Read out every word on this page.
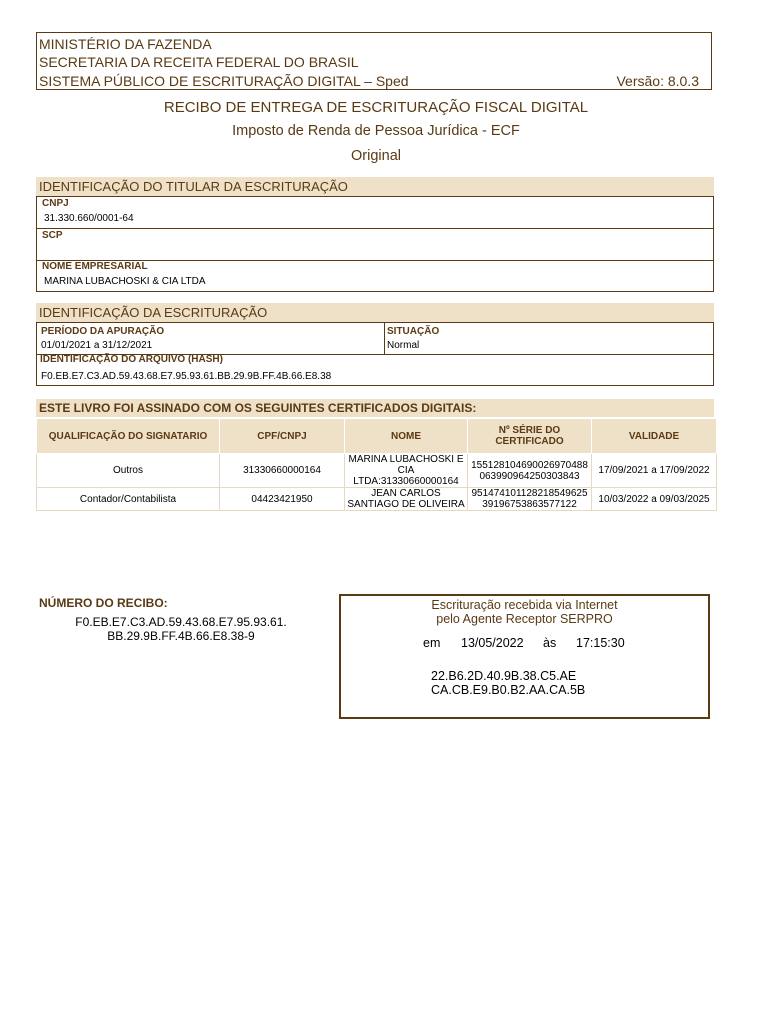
MINISTÉRIO DA FAZENDA
SECRETARIA DA RECEITA FEDERAL DO BRASIL
SISTEMA PÚBLICO DE ESCRITURAÇÃO DIGITAL – Sped	Versão: 8.0.3
RECIBO DE ENTREGA DE ESCRITURAÇÃO FISCAL DIGITAL
Imposto de Renda de Pessoa Jurídica - ECF
Original
IDENTIFICAÇÃO DO TITULAR DA ESCRITURAÇÃO
CNPJ
31.330.660/0001-64
SCP
NOME EMPRESARIAL
MARINA LUBACHOSKI & CIA LTDA
IDENTIFICAÇÃO DA ESCRITURAÇÃO
PERÍODO DA APURAÇÃO
01/01/2021 a 31/12/2021
SITUAÇÃO
Normal
IDENTIFICAÇÃO DO ARQUIVO (HASH)
F0.EB.E7.C3.AD.59.43.68.E7.95.93.61.BB.29.9B.FF.4B.66.E8.38
ESTE LIVRO FOI ASSINADO COM OS SEGUINTES CERTIFICADOS DIGITAIS:
QUALIFICAÇÃO DO SIGNATARIO	CPF/CNPJ	NOME	Nº SÉRIE DO CERTIFICADO	VALIDADE
Outros	31330660000164	MARINA LUBACHOSKI E CIA LTDA:31330660000164	155128104690026970488 063990964250303843	17/09/2021 a 17/09/2022
Contador/Contabilista	04423421950	JEAN CARLOS SANTIAGO DE OLIVEIRA	951474101128218549625 39196753863577122	10/03/2022 a 09/03/2025
NÚMERO DO RECIBO:
F0.EB.E7.C3.AD.59.43.68.E7.95.93.61.
BB.29.9B.FF.4B.66.E8.38-9
Escrituração recebida via Internet
pelo Agente Receptor SERPRO
em 13/05/2022 às 17:15:30
22.B6.2D.40.9B.38.C5.AE
CA.CB.E9.B0.B2.AA.CA.5B
